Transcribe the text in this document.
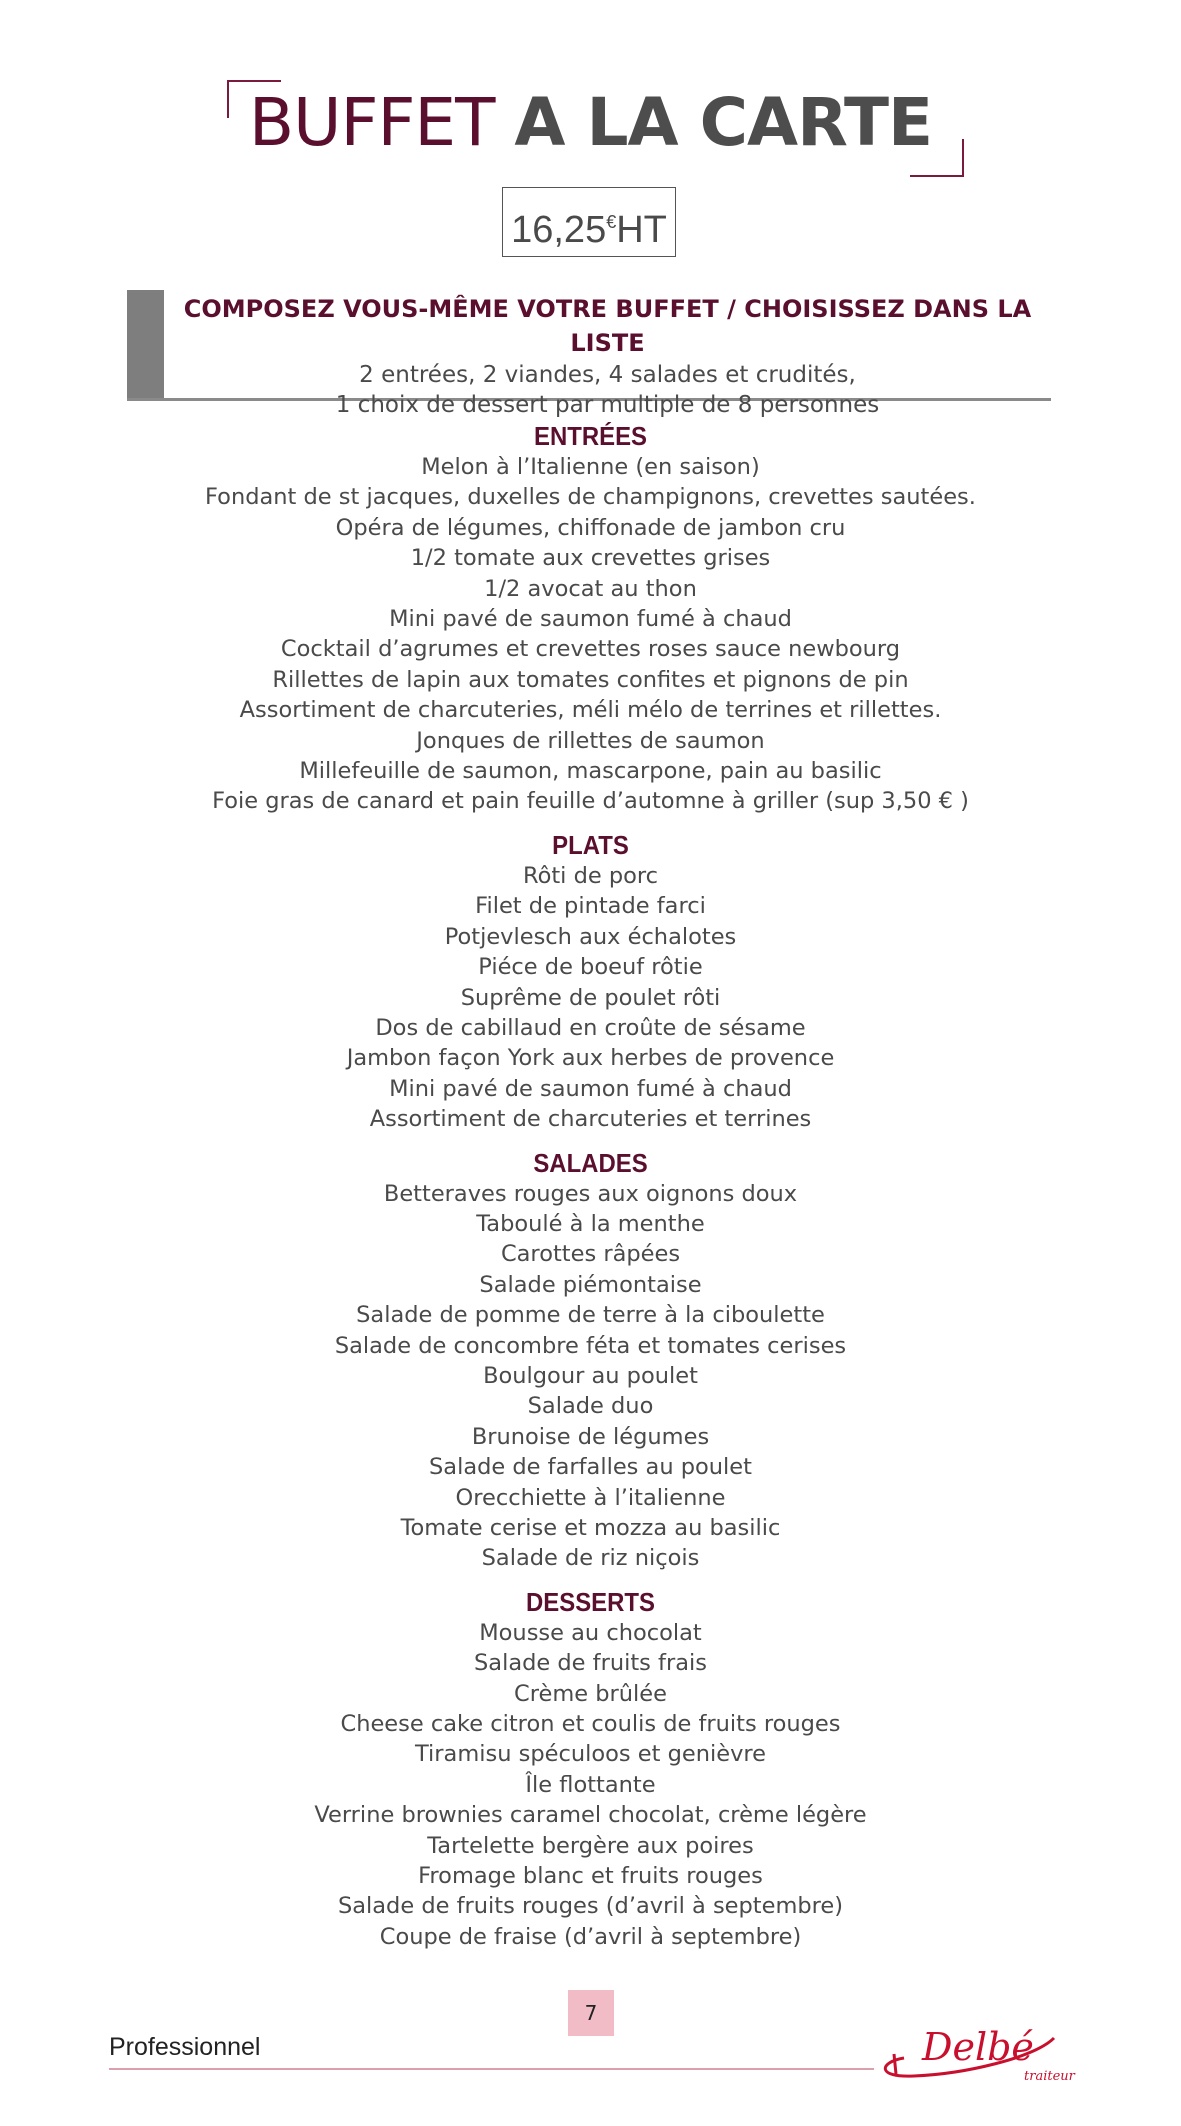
BUFFET A LA CARTE
16,25€HT
COMPOSEZ VOUS-MÊME VOTRE BUFFET / CHOISISSEZ DANS LA LISTE
2 entrées, 2 viandes, 4 salades et crudités,
1 choix de dessert par multiple de 8 personnes
ENTRÉES
Melon à l’Italienne (en saison)
Fondant de st jacques, duxelles de champignons, crevettes sautées.
Opéra de légumes, chiffonade de jambon cru
1/2 tomate aux crevettes grises
1/2 avocat au thon
Mini pavé de saumon fumé à chaud
Cocktail d’agrumes et crevettes roses sauce newbourg
Rillettes de lapin aux tomates confites et pignons de pin
Assortiment de charcuteries, méli mélo de terrines et rillettes.
Jonques de rillettes de saumon
Millefeuille de saumon, mascarpone, pain au basilic
Foie gras de canard et pain feuille d’automne à griller (sup 3,50 € )
PLATS
Rôti de porc
Filet de pintade farci
Potjevlesch aux échalotes
Piéce de boeuf rôtie
Suprême de poulet rôti
Dos de cabillaud en croûte de sésame
Jambon façon York aux herbes de provence
Mini pavé de saumon fumé à chaud
Assortiment de charcuteries et terrines
SALADES
Betteraves rouges aux oignons doux
Taboulé à la menthe
Carottes râpées
Salade piémontaise
Salade de pomme de terre à la ciboulette
Salade de concombre féta et tomates cerises
Boulgour au poulet
Salade duo
Brunoise de légumes
Salade de farfalles au poulet
Orecchiette à l’italienne
Tomate cerise et mozza au basilic
Salade de riz niçois
DESSERTS
Mousse au chocolat
Salade de fruits frais
Crème brûlée
Cheese cake citron et coulis de fruits rouges
Tiramisu spéculoos et genièvre
Île flottante
Verrine brownies caramel chocolat, crème légère
Tartelette bergère aux poires
Fromage blanc et fruits rouges
Salade de fruits rouges (d’avril à septembre)
Coupe de fraise (d’avril à septembre)
7
Professionnel	Delbé
traiteur
